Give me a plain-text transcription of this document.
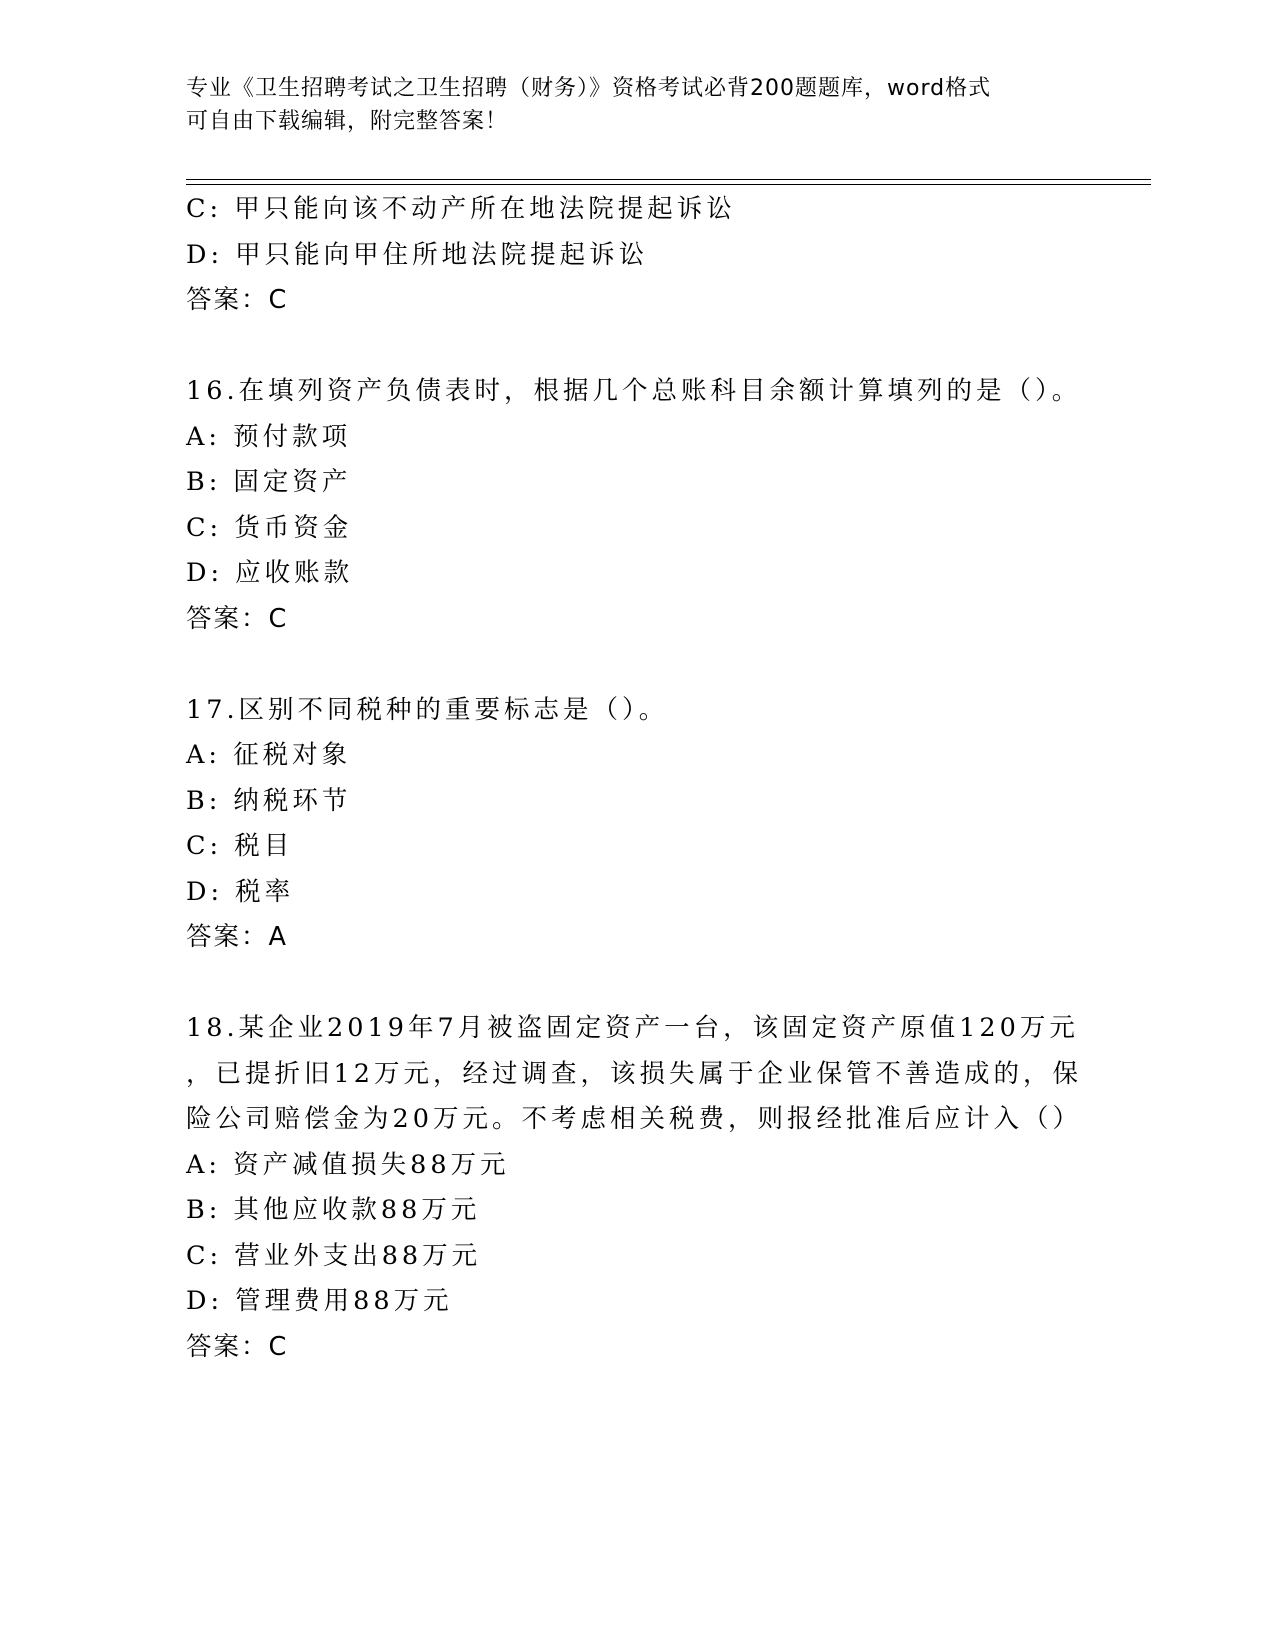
专业《卫生招聘考试之卫生招聘（财务）》资格考试必背200题题库，word格式
可自由下载编辑，附完整答案！
C: 甲只能向该不动产所在地法院提起诉讼
D: 甲只能向甲住所地法院提起诉讼
答案：C
16.在填列资产负债表时，根据几个总账科目余额计算填列的是（）。
A: 预付款项
B: 固定资产
C: 货币资金
D: 应收账款
答案：C
17.区别不同税种的重要标志是（）。
A: 征税对象
B: 纳税环节
C: 税目
D: 税率
答案：A
18.某企业2019年7月被盗固定资产一台，该固定资产原值120万元
，已提折旧12万元，经过调查，该损失属于企业保管不善造成的，保
险公司赔偿金为20万元。不考虑相关税费，则报经批准后应计入（）
A: 资产减值损失88万元
B: 其他应收款88万元
C: 营业外支出88万元
D: 管理费用88万元
答案：C
